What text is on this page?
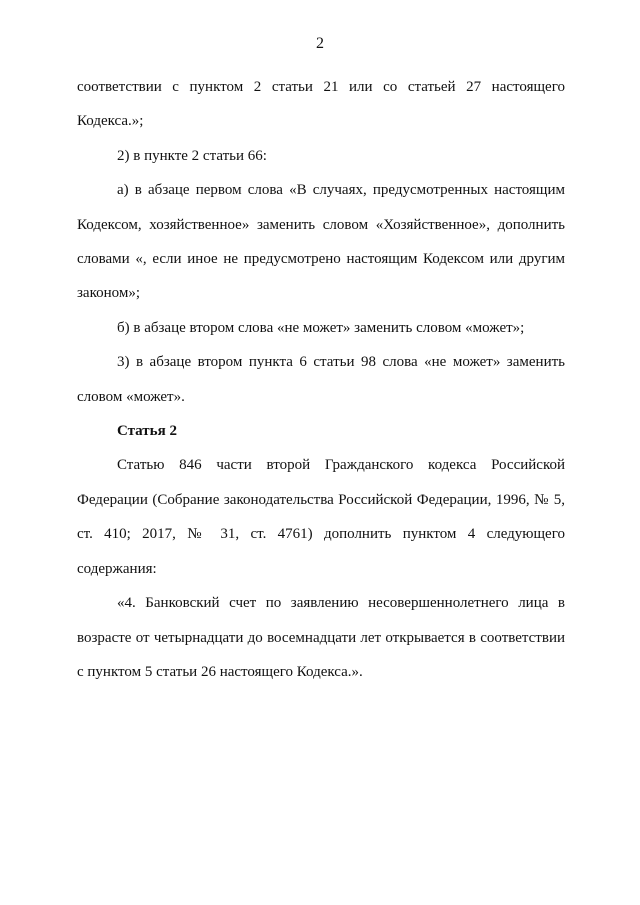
2

соответствии с пунктом 2 статьи 21 или со статьей 27 настоящего Кодекса.»;

2) в пункте 2 статьи 66:

а) в абзаце первом слова «В случаях, предусмотренных настоящим Кодексом, хозяйственное» заменить словом «Хозяйственное», дополнить словами «, если иное не предусмотрено настоящим Кодексом или другим законом»;

б) в абзаце втором слова «не может» заменить словом «может»;

3) в абзаце втором пункта 6 статьи 98 слова «не может» заменить словом «может».

Статья 2

Статью 846 части второй Гражданского кодекса Российской Федерации (Собрание законодательства Российской Федерации, 1996, № 5, ст. 410; 2017, № 31, ст. 4761) дополнить пунктом 4 следующего содержания:

«4. Банковский счет по заявлению несовершеннолетнего лица в возрасте от четырнадцати до восемнадцати лет открывается в соответствии с пунктом 5 статьи 26 настоящего Кодекса.».
